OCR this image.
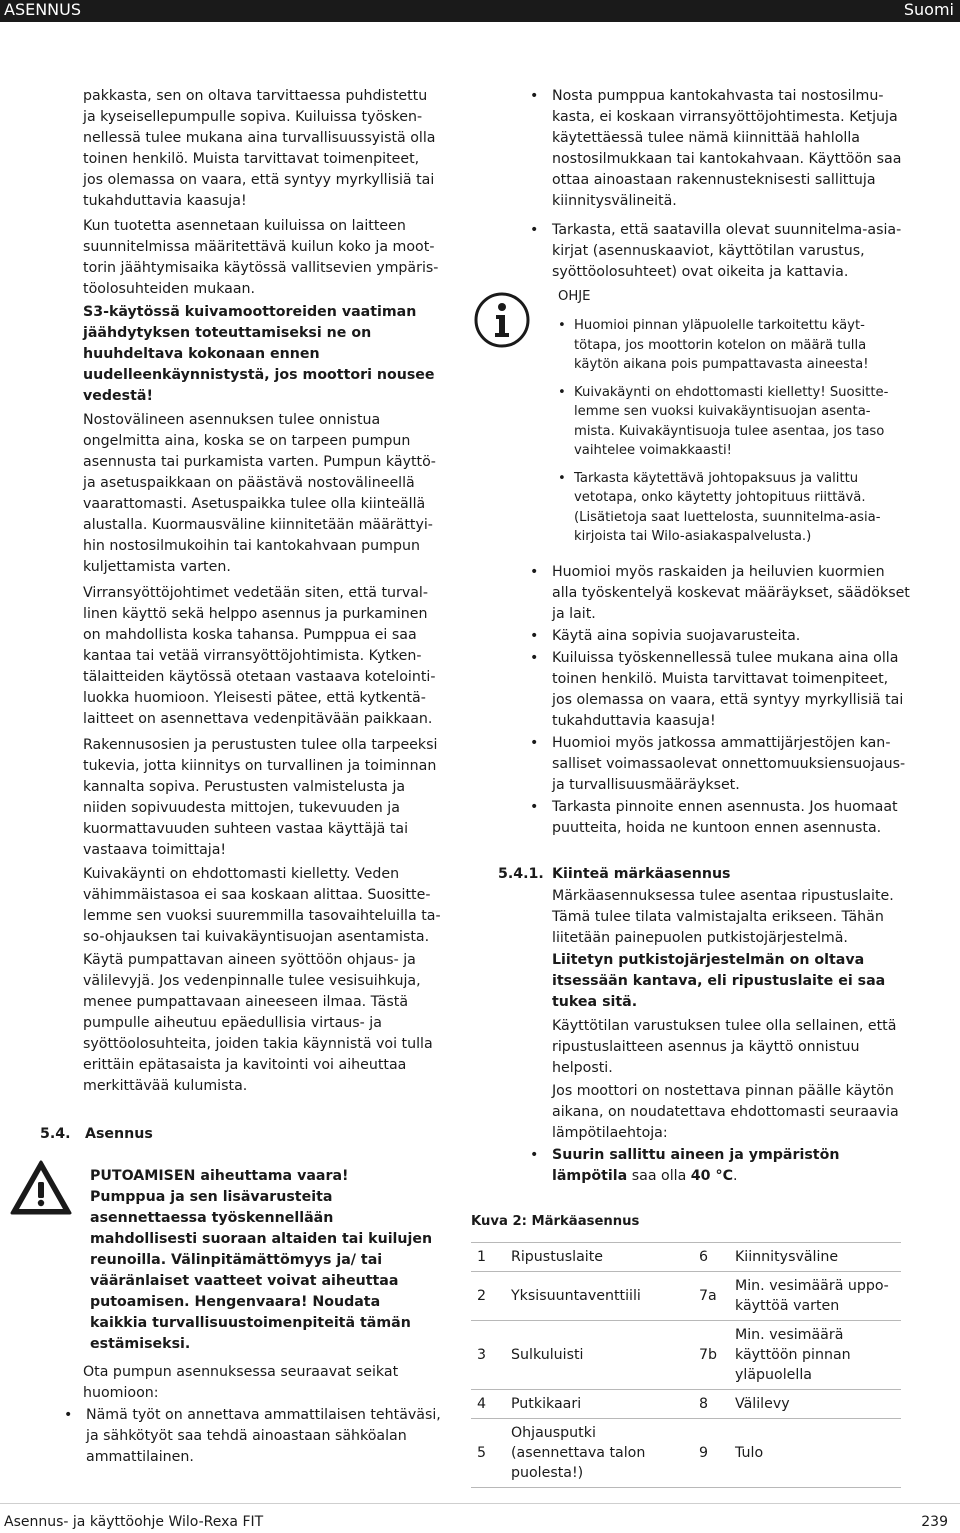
ASENNUS	Suomi

pakkasta, sen on oltava tarvittaessa puhdistettu ja kyseisellepumpulle sopiva. Kuiluissa työskennellessä tulee mukana aina turvallisuussyistä olla toinen henkilö. Muista tarvittavat toimenpiteet, jos olemassa on vaara, että syntyy myrkyllisiä tai tukahduttavia kaasuja!

Kun tuotetta asennetaan kuiluissa on laitteen suunnitelmissa määritettävä kuilun koko ja moottorin jäähtymisaika käytössä vallitsevien ympäristöolosuhteiden mukaan.

S3-käytössä kuivamoottoreiden vaatiman jäähdytyksen toteuttamiseksi ne on huuhdeltava kokonaan ennen uudelleenkäynnistystä, jos moottori nousee vedestä!

Nostovälineen asennuksen tulee onnistua ongelmitta aina, koska se on tarpeen pumpun asennusta tai purkamista varten. Pumpun käyttöja asetuspaikkaan on päästävä nostovälineellä vaarattomasti. Asetuspaikka tulee olla kiinteällä alustalla. Kuormausväline kiinnitetään määrättyihin nostosilmukoihin tai kantokahvaan pumpun kuljettamista varten.

Virransyöttöjohtimet vedetään siten, että turvallinen käyttö sekä helppo asennus ja purkaminen on mahdollista koska tahansa. Pumppua ei saa kantaa tai vetää virransyöttöjohtimista. Kytkentälaitteiden käytössä otetaan vastaava kotelointiluokka huomioon. Yleisesti pätee, että kytkentälaitteet on asennettava vedenpitävään paikkaan.

Rakennusosien ja perustusten tulee olla tarpeeksi tukevia, jotta kiinnitys on turvallinen ja toiminnan kannalta sopiva. Perustusten valmistelusta ja niiden sopivuudesta mittojen, tukevuuden ja kuormattavuuden suhteen vastaa käyttäjä tai vastaava toimittaja!

Kuivakäynti on ehdottomasti kielletty. Veden vähimmäistasoa ei saa koskaan alittaa. Suosittelemme sen vuoksi suuremmilla tasovaihteluilla taso-ohjauksen tai kuivakäyntisuojan asentamista.

Käytä pumpattavan aineen syöttöön ohjaus- ja välilevyjä. Jos vedenpinnalle tulee vesisuihkuja, menee pumpattavaan aineeseen ilmaa. Tästä pumpulle aiheutuu epäedullisia virtaus- ja syöttöolosuhteita, joiden takia käynnistä voi tulla erittäin epätasaista ja kavitointi voi aiheuttaa merkittävää kulumista.

5.4. Asennus

PUTOAMISEN aiheuttama vaara!

Pumppua ja sen lisävarusteita asennettaessa työskennellään mahdollisesti suoraan altaiden tai kuilujen reunoilla. Välinpitämättömyys ja/ tai vääränlaiset vaatteet voivat aiheuttaa putoamisen. Hengenvaara! Noudata kaikkia turvallisuustoimenpiteitä tämän estämiseksi.

Ota pumpun asennuksessa seuraavat seikat huomioon:

• Nämä työt on annettava ammattilaisen tehtäväsi, ja sähkötyöt saa tehdä ainoastaan sähköalan ammattilainen.
• Nosta pumppua kantokahvasta tai nostosilmukasta, ei koskaan virransyöttöjohtimesta. Ketjuja käytettäessä tulee nämä kiinnittää hahlolla nostosilmukkaan tai kantokahvaan. Käyttöön saa ottaa ainoastaan rakennusteknisesti sallittuja kiinnitysvälineitä.
• Tarkasta, että saatavilla olevat suunnitelma-asiakirjat (asennuskaaviot, käyttötilan varustus, syöttöolosuhteet) ovat oikeita ja kattavia.

OHJE

• Huomioi pinnan yläpuolelle tarkoitettu käyttötapa, jos moottorin kotelon on määrä tulla käytön aikana pois pumpattavasta aineesta!
• Kuivakäynti on ehdottomasti kielletty! Suosittelemme sen vuoksi kuivakäyntisuojan asentamista. Kuivakäyntisuoja tulee asentaa, jos taso vaihtelee voimakkaasti!
• Tarkasta käytettävä johtopaksuus ja valittu vetotapa, onko käytetty johtopituus riittävä. (Lisätietoja saat luettelosta, suunnitelma-asiakirjoista tai Wilo-asiakaspalvelusta.)
• Huomioi myös raskaiden ja heiluvien kuormien alla työskentelyä koskevat määräykset, säädökset ja lait.
• Käytä aina sopivia suojavarusteita.
• Kuiluissa työskennellessä tulee mukana aina olla toinen henkilö. Muista tarvittavat toimenpiteet, jos olemassa on vaara, että syntyy myrkyllisiä tai tukahduttavia kaasuja!
• Huomioi myös jatkossa ammattijärjestöjen kansalliset voimassaolevat onnettomuuksiensuojausja turvallisuusmääräykset.
• Tarkasta pinnoite ennen asennusta. Jos huomaat puutteita, hoida ne kuntoon ennen asennusta.
5.4.1. Kiinteä märkäasennus

Märkäasennuksessa tulee asentaa ripustuslaite. Tämä tulee tilata valmistajalta erikseen. Tähän liitetään painepuolen putkistojärjestelmä.

Liitetyn putkistojärjestelmän on oltava itsessään kantava, eli ripustuslaite ei saa tukea sitä.

Käyttötilan varustuksen tulee olla sellainen, että ripustuslaitteen asennus ja käyttö onnistuu helposti.

Jos moottori on nostettava pinnan päälle käytön aikana, on noudatettava ehdottomasti seuraavia lämpötilaehtoja:

• Suurin sallittu aineen ja ympäristön lämpötila saa olla 40 °C.
Kuva 2: Märkäasennus
1	Ripustuslaite	6	Kiinnitysväline
2	Yksisuuntaventtiili	7a	Min. vesimäärä uppokäyttöä varten
3	Sulkuluisti	7b	Min. vesimäärä käyttöön pinnan yläpuolella
4	Putkikaari	8	Välilevy
5	Ohjausputki (asennettava talon puolesta!)	9	Tulo
Asennus- ja käyttöohje Wilo-Rexa FIT	239
